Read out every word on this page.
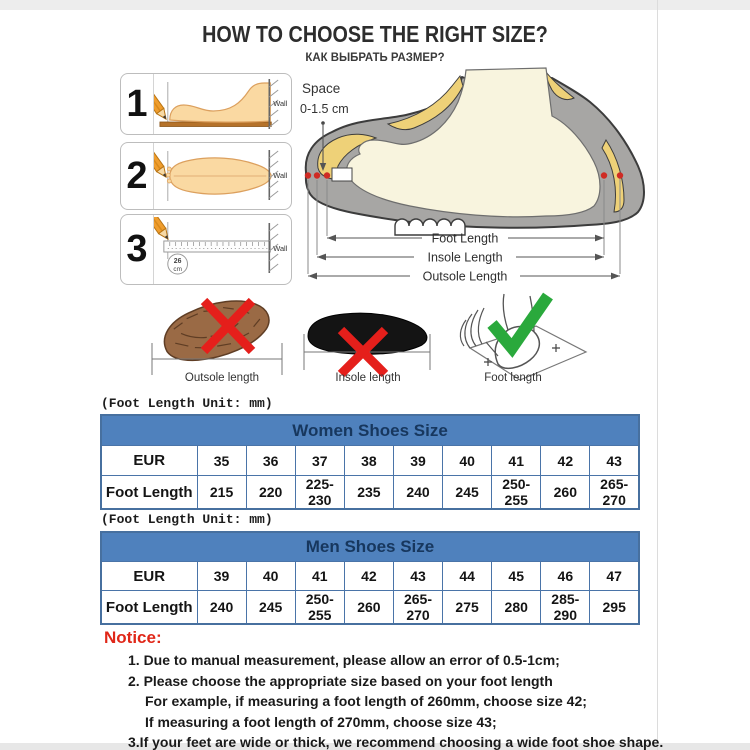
HOW TO CHOOSE THE RIGHT SIZE?
КАК ВЫБРАТЬ РАЗМЕР?
1	Wall
2	Wall
3	26
cm
Wall
Space
0-1.5 cm
Foot Length
Insole Length
Outsole Length
Outsole length	Insole length	Foot length
(Foot Length Unit: mm)
Women Shoes Size									
EUR	35	36	37	38	39	40	41	42	43
Foot Length	215	220	225-230	235	240	245	250-255	260	265-270
(Foot Length Unit: mm)
Men Shoes Size									
EUR	39	40	41	42	43	44	45	46	47
Foot Length	240	245	250-255	260	265-270	275	280	285-290	295
Notice:
1. Due to manual measurement, please allow an error of 0.5-1cm;
2. Please choose the appropriate size based on your foot length
For example, if measuring a foot length of 260mm, choose size 42;
If measuring a foot length of 270mm, choose size 43;
3.If your feet are wide or thick, we recommend choosing a wide foot shoe shape.
